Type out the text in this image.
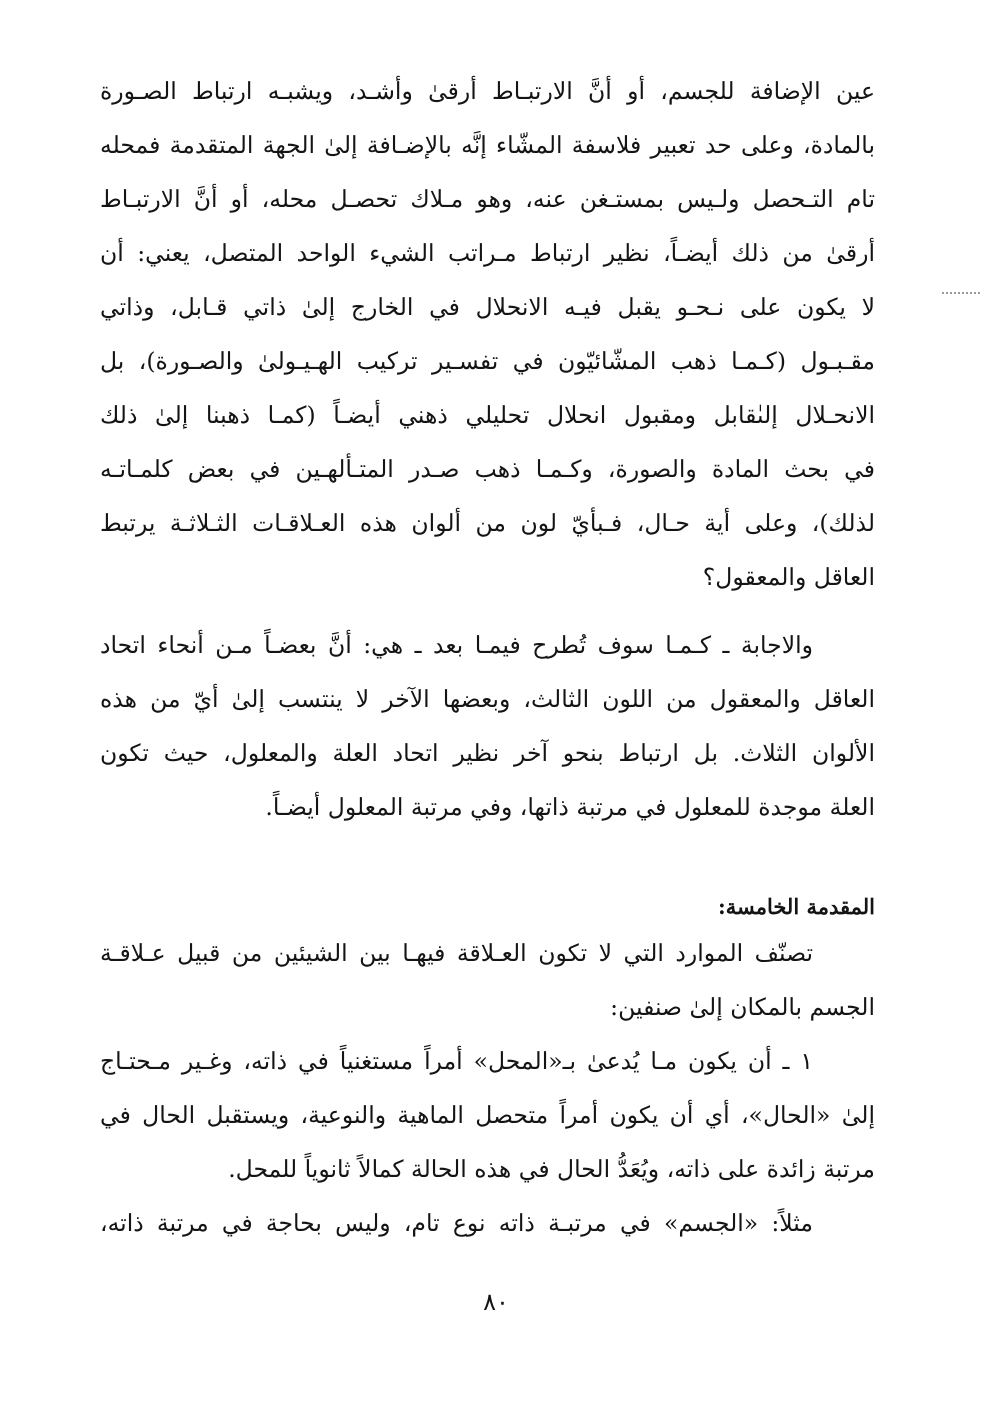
عين الإضافة للجسم، أو أنَّ الارتبـاط أرقىٰ وأشـد، ويشبـه ارتباط الصـورة
بالمادة، وعلى حد تعبير فلاسفة المشّاء إنَّه بالإضـافة إلىٰ الجهة المتقدمة فمحله
تام التـحصل ولـيس بمستـغن عنه، وهو مـلاك تحصـل محله، أو أنَّ الارتبـاط
أرقىٰ من ذلك أيضـاً، نظير ارتباط مـراتب الشيء الواحد المتصل، يعني: أن
لا يكون على نـحـو يقبل فيـه الانحلال في الخارج إلىٰ ذاتي قـابل، وذاتي
مقـبـول (كـمـا ذهب المشّائيّون في تفسـير تركيب الهـيـولىٰ والصـورة)، بل
الانحـلال إلىٰقابل ومقبول انحلال تحليلي ذهني أيضـاً (كمـا ذهبنا إلىٰ ذلك
في بحث المادة والصورة، وكـمـا ذهب صـدر المتـألهـين في بعض كلمـاتـه
لذلك)، وعلى أية حـال، فـبأيّ لون من ألوان هذه العـلاقـات الثـلاثـة يرتبط
العاقل والمعقول؟
والاجابة ـ كـمـا سوف تُطرح فيمـا بعد ـ هي: أنَّ بعضـاً مـن أنحاء اتحاد
العاقل والمعقول من اللون الثالث، وبعضها الآخر لا ينتسب إلىٰ أيّ من هذه
الألوان الثلاث. بل ارتباط بنحو آخر نظير اتحاد العلة والمعلول، حيث تكون
العلة موجدة للمعلول في مرتبة ذاتها، وفي مرتبة المعلول أيضـاً.
المقدمة الخامسة:
تصنّف الموارد التي لا تكون العـلاقة فيهـا بين الشيئين من قبيل عـلاقـة
الجسم بالمكان إلىٰ صنفين:
١ ـ أن يكون مـا يُدعىٰ بـ«المحل» أمراً مستغنياً في ذاته، وغـير مـحتـاج
إلىٰ «الحال»، أي أن يكون أمراً متحصل الماهية والنوعية، ويستقبل الحال في
مرتبة زائدة على ذاته، ويُعَدُّ الحال في هذه الحالة كمالاً ثانوياً للمحل.
مثلاً: «الجسم» في مرتبـة ذاته نوع تام، وليس بحاجة في مرتبة ذاته،
٨٠
